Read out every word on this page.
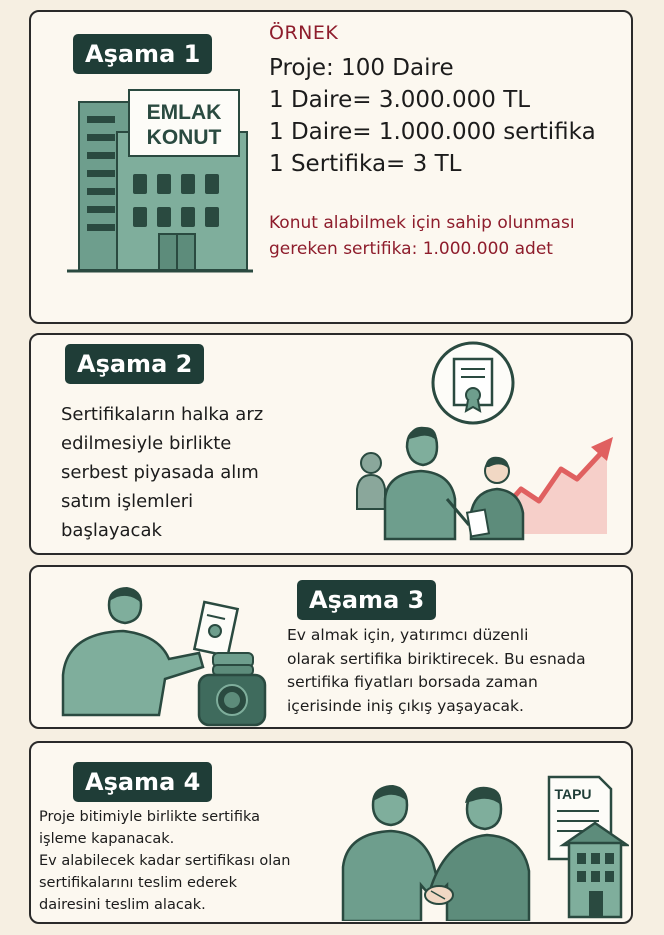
Aşama 1
EMLAK
KONUT
ÖRNEK
Proje: 100 Daire
1 Daire= 3.000.000 TL
1 Daire= 1.000.000 sertifika
1 Sertifika= 3 TL
Konut alabilmek için sahip olunması
gereken sertifika: 1.000.000 adet
Aşama 2
Sertifikaların halka arz
edilmesiyle birlikte
serbest piyasada alım
satım işlemleri
başlayacak
Aşama 3
Ev almak için, yatırımcı düzenli
olarak sertifika biriktirecek. Bu esnada
sertifika fiyatları borsada zaman
içerisinde iniş çıkış yaşayacak.
Aşama 4
Proje bitimiyle birlikte sertifika
işleme kapanacak.
Ev alabilecek kadar sertifikası olan
sertifikalarını teslim ederek
dairesini teslim alacak.
TAPU
